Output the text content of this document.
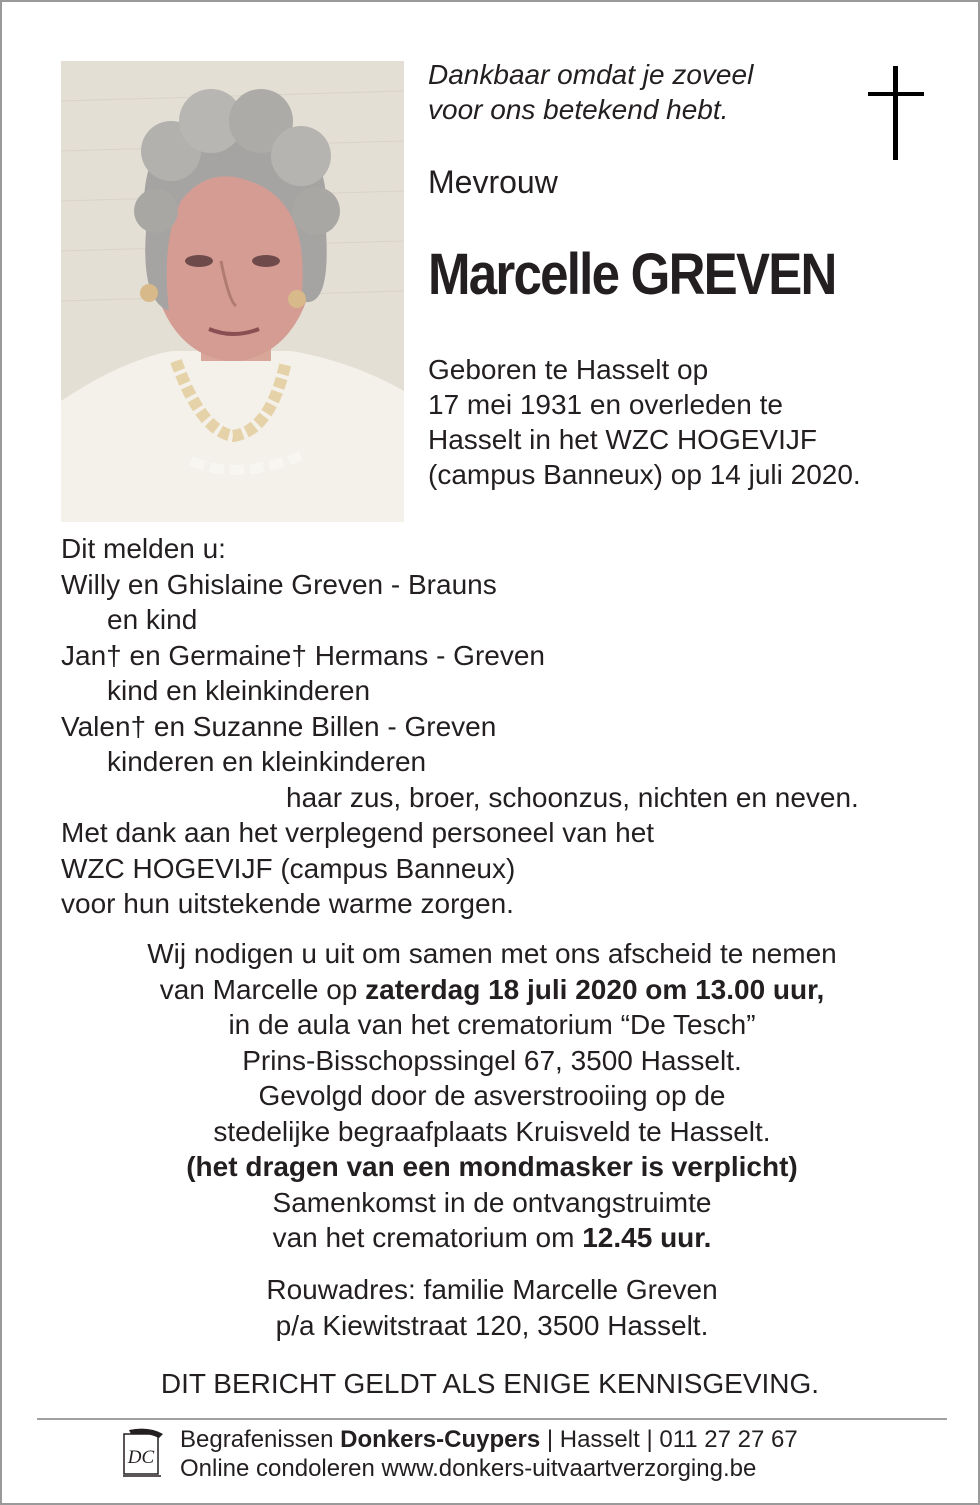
Dankbaar omdat je zoveel
voor ons betekend hebt.
Mevrouw
Marcelle GREVEN
Geboren te Hasselt op
17 mei 1931 en overleden te
Hasselt in het WZC HOGEVIJF
(campus Banneux) op 14 juli 2020.
Dit melden u:
Willy en Ghislaine Greven - Brauns
en kind
Jan† en Germaine† Hermans - Greven
kind en kleinkinderen
Valen† en Suzanne Billen - Greven
kinderen en kleinkinderen
haar zus, broer, schoonzus, nichten en neven.
Met dank aan het verplegend personeel van het
WZC HOGEVIJF (campus Banneux)
voor hun uitstekende warme zorgen.
Wij nodigen u uit om samen met ons afscheid te nemen
van Marcelle op zaterdag 18 juli 2020 om 13.00 uur,
in de aula van het crematorium “De Tesch”
Prins-Bisschopssingel 67, 3500 Hasselt.
Gevolgd door de asverstrooiing op de
stedelijke begraafplaats Kruisveld te Hasselt.
(het dragen van een mondmasker is verplicht)
Samenkomst in de ontvangstruimte
van het crematorium om 12.45 uur.
Rouwadres: familie Marcelle Greven
p/a Kiewitstraat 120, 3500 Hasselt.
DIT BERICHT GELDT ALS ENIGE KENNISGEVING.
DC
Begrafenissen Donkers-Cuypers | Hasselt | 011 27 27 67
Online condoleren www.donkers-uitvaartverzorging.be
